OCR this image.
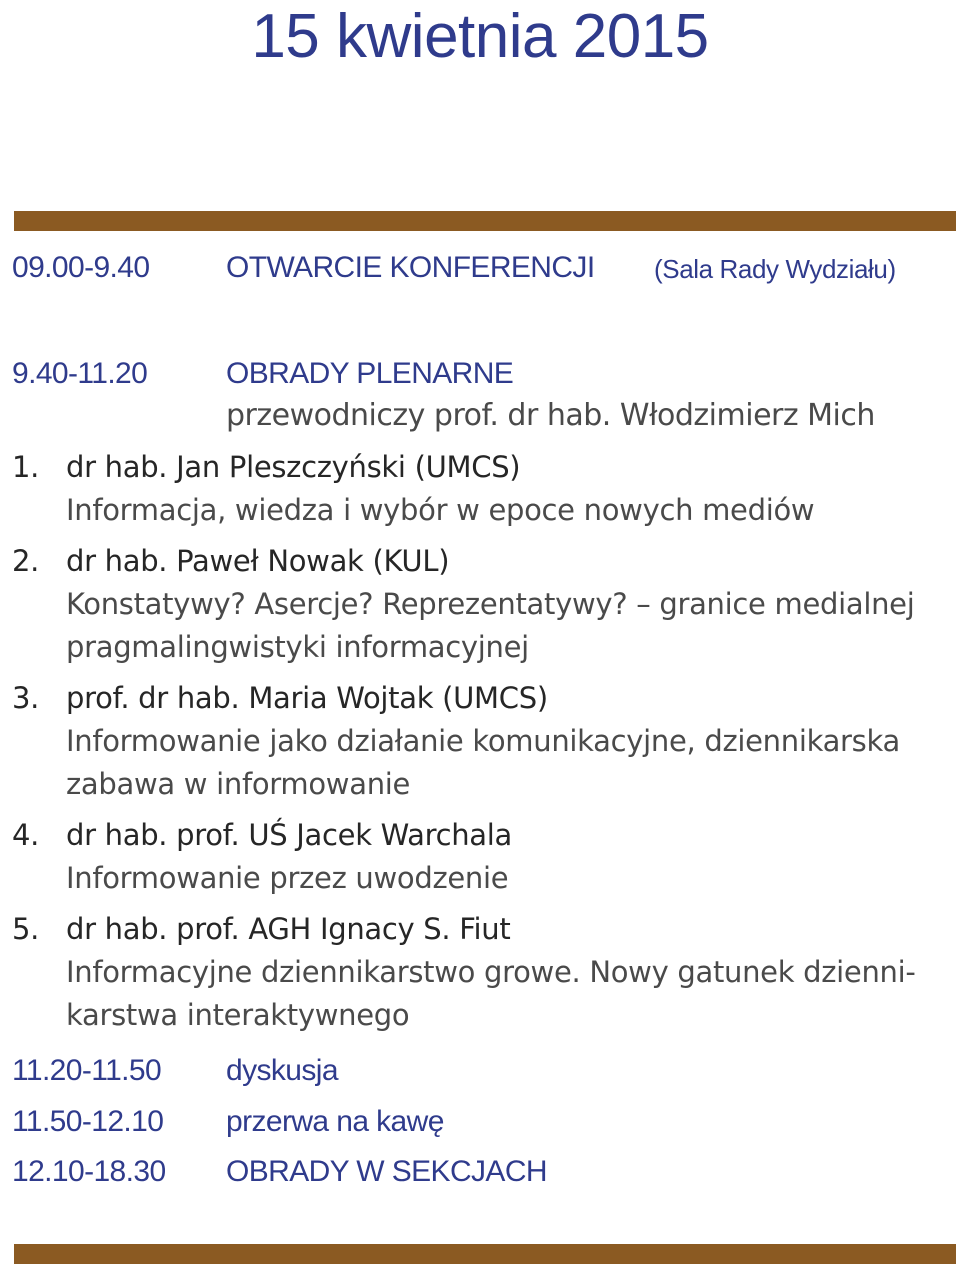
15 kwietnia 2015
09.00-9.40	OTWARCIE KONFERENCJI (Sala Rady Wydziału)
9.40-11.20	OBRADY PLENARNE
przewodniczy prof. dr hab. Włodzimierz Mich
1. dr hab. Jan Pleszczyński (UMCS)
Informacja, wiedza i wybór w epoce nowych mediów
2. dr hab. Paweł Nowak (KUL)
Konstatywy? Asercje? Reprezentatywy? – granice medialnej
pragmalingwistyki informacyjnej
3. prof. dr hab. Maria Wojtak (UMCS)
Informowanie jako działanie komunikacyjne, dziennikarska
zabawa w informowanie
4. dr hab. prof. UŚ Jacek Warchala
Informowanie przez uwodzenie
5. dr hab. prof. AGH Ignacy S. Fiut
Informacyjne dziennikarstwo growe. Nowy gatunek dzienni-
karstwa interaktywnego
11.20-11.50 dyskusja
11.50-12.10 przerwa na kawę
12.10-18.30 OBRADY W SEKCJACH
